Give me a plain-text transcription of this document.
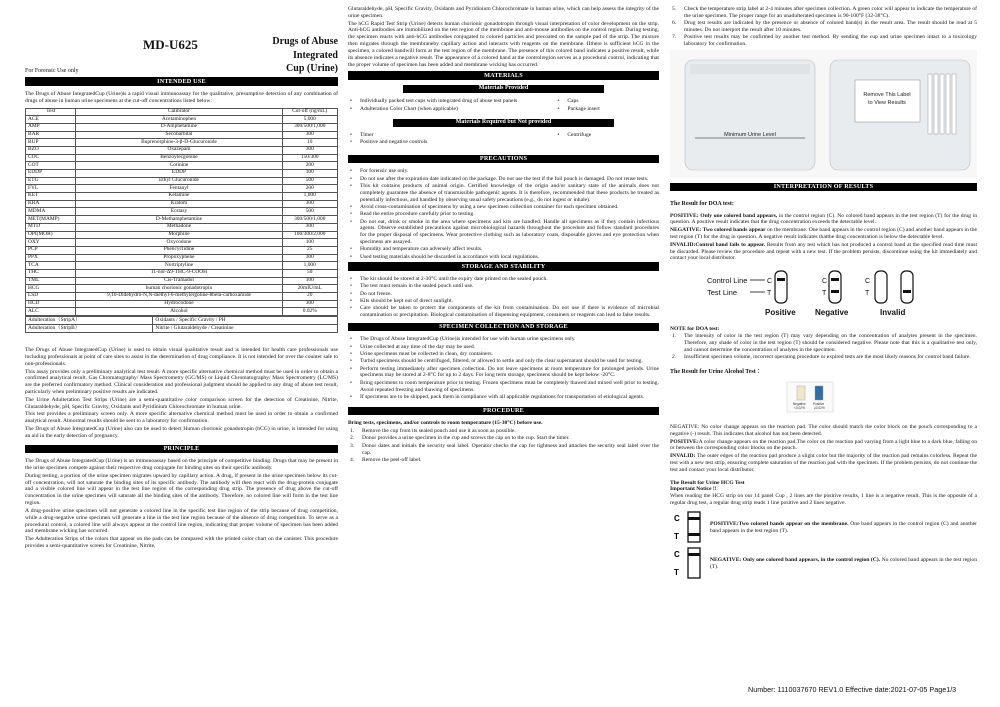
MD-U625	Drugs of Abuse Integrated
Cup (Urine)
For Forensic Use only
INTENDED USE

The Drugs of Abuse IntegratedCup (Urine)is a rapid visual immunoassay for the qualitative, presumptive detection of any combination of drugs of abuse in human urine specimens at the cut-off concentrations listed below:

Test	Calibrator	Cut-off (ng/mL)
ACE	Acetaminophen	5,000
AMP	D-Amphetamine	300/500/1,000
BAR	Secobarbital	300
BUP	Buprenorphine-3-β-D-Glucuronide	10
BZO	Oxazepam	300
COC	Benzoylecgonine	150/300
COT	Cotinine	200
EDDP	EDDP	100
ETG	Ethyl Glucuronide	500
FYL	Fentanyl	200
KET	Ketamine	1,000
KRA	Kratom	300
MDMA	Ecstasy	500
MET(MAMP)	D-Methamphetamine	300/500/1,000
MTD	Methadone	300
OPI(MOR)	Morphine	100/300/2,000
OXY	Oxycodone	100
PCP	Phencyclidine	25
PPX	Propoxyphene	300
TCA	Nortriptyline	1,000
THC	11-nor-Δ9-THC-9-COOH	50
TML	Cis-Tramadol	100
HCG	human chorionic gonadotropin	20mIU/mL
LSD	9,10-Didehydro-N,N-diethyl-6-methylergoline-8beta-carboxamide	20
HCD	Hydrocodone	300
ALC	Alcohol	0.02%
Adulteration（StripA）	Oxidants / Specific Gravity / PH
Adulteration（StripB）	Nitrite / Glutaraldehyde / Creatinine

The Drugs of Abuse IntegratedCup (Urine) is used to obtain visual qualitative result and is intended for health care professionals use including professionals at point of care sites to assist in the determination of drug compliance. It is not intended for over the counter sale to non-professionals.

This assay provides only a preliminary analytical test result. A more specific alternative chemical method must be used in order to obtain a confirmed analytical result. Gas Chromatography/ Mass Spectrometry (GC/MS) or Liquid Chromatography/ Mass Spectrometry (LC/MS) are the preferred confirmatory method. Clinical consideration and professional judgment should be applied to any drug of abuse test result, particularly when preliminary positive results are indicated.

The Urine Adulteration Test Strips (Urine) are a semi-quantitative color comparison screen for the detection of Creatinine, Nitrite, Glutaraldehyde, pH, Specific Gravity, Oxidants and Pyridinium Chlorochromate in human urine.

This test provides a preliminary screen only. A more specific alternative chemical method must be used in order to obtain a confirmed analytical result. Abnormal results should be sent to a laboratory for confirmation.

The Drugs of Abuse IntegratedCup (Urine) also can be used to detect Human chorionic gonadotropin (hCG) in urine, is intended for using an aid in the early detection of pregnancy.

PRINCIPLE

The Drugs of Abuse IntegratedCup (Urine) is an immunoassay based on the principle of competitive binding. Drugs that may be present in the urine specimen compete against their respective drug conjugate for binding sites on their specific antibody.

During testing, a portion of the urine specimen migrates upward by capillary action. A drug, if present in the urine specimen below its cut-off concentration, will not saturate the binding sites of its specific antibody. The antibody will then react with the drug-protein conjugate and a visible colored line will appear in the test line region of the corresponding drug strip. The presence of drug above the cut-off concentration in the urine specimen will saturate all the binding sites of the antibody. Therefore, no colored line will form in the test line region.

A drug-positive urine specimen will not generate a colored line in the specific test line region of the strip because of drug competition, while a drug-negative urine specimen will generate a line in the test line region because of the absence of drug competition. To serve as a procedural control, a colored line will always appear at the control line region, indicating that proper volume of specimen has been added and membrane wicking has occurred.

The Adulteration Strips of the colors that appear on the pads can be compared with the printed color chart on the canister. This procedure provides a semi-quantitative screen for Creatinine, Nitrite,

Glutaraldehyde, pH, Specific Gravity, Oxidants and Pyridinium Chlorochromate in human urine, which can help assess the integrity of the urine specimen.

The hCG Rapid Test Strip (Urine) detects human chorionic gonadotropin through visual interpretation of color development on the strip. Anti-hCG antibodies are immobilized on the test region of the membrane and anti-mouse antibodies on the control region. During testing, the specimen reacts with anti-hCG antibodies conjugated to colored particles and precoated on the sample pad of the strip. The mixture then migrates through the membraneby capillary action and interacts with reagents on the membrane. IIthere is sufficient hCG in the specimen, a colored bandwill form at the test region of the membrane. The presence of this colored band indicates a positive result, while its absence indicates a negative result. The appearance of a colored band at the controlregion serves as a procedural control, indicating that the proper volume of specimen has been added and membrane wicking has occurred.

MATERIALS
Materials Provided
• Individually packed test cups with integrated drug of abuse test panels
• Adulteration Color Chart (when applicable)
• Caps
• Package insert
Materials Required but Not provided
• Timer
• Positive and negative controls
• Centrifuge
PRECAUTIONS
• For forensic use only.
• Do not use after the expiration date indicated on the package. Do not use the test if the foil pouch is damaged. Do not reuse tests.
• This kit contains products of animal origin. Certified knowledge of the origin and/or sanitary state of the animals does not completely guarantee the absence of transmissible pathogenic agents. It is therefore, recommended that these products be treated as potentially infectious, and handled by observing usual safety precautions (e.g., do not ingest or inhale).
• Avoid cross-contamination of specimens by using a new specimen collection container for each specimen obtained.
• Read the entire procedure carefully prior to testing.
• Do not eat, drink or smoke in the area where specimens and kits are handled. Handle all specimens as if they contain infectious agents. Observe established precautions against microbiological hazards throughout the procedure and follow standard procedures for the proper disposal of specimens. Wear protective clothing such as laboratory coats, disposable gloves and eye protection when specimens are assayed.
• Humidity and temperature can adversely affect results.
• Used testing materials should be discarded in accordance with local regulations.
STORAGE AND STABILITY
• The kit should be stored at 2-30°C until the expiry date printed on the sealed pouch.
• The test must remain in the sealed pouch until use.
• Do not freeze.
• Kits should be kept out of direct sunlight.
• Care should be taken to protect the components of the kit from contamination. Do not use if there is evidence of microbial contamination or precipitation. Biological contamination of dispensing equipment, containers or reagents can lead to false results.
SPECIMEN COLLECTION AND STORAGE
• The Drugs of Abuse IntegratedCup (Urine)is intended for use with human urine specimens only.
• Urine collected at any time of the day may be used.
• Urine specimens must be collected in clean, dry containers.
• Turbid specimens should be centrifuged, filtered, or allowed to settle and only the clear supernatant should be used for testing.
• Perform testing immediately after specimen collection. Do not leave specimens at room temperature for prolonged periods. Urine specimens may be stored at 2-8°C for up to 2 days. For long term storage, specimens should be kept below -20°C.
• Bring specimens to room temperature prior to testing. Frozen specimens must be completely thawed and mixed well prior to testing. Avoid repeated freezing and thawing of specimens.
• If specimens are to be shipped, pack them in compliance with all applicable regulations for transportation of etiological agents.
PROCEDURE

Bring tests, specimens, and/or controls to room temperature (15-30°C) before use.

1. Remove the cup from its sealed pouch and use it as soon as possible.
2. Donor provides a urine specimen in the cup and screws the cap on to the cup. Start the timer.
3. Donor dates and initials the security seal label. Operator checks the cap for tightness and attaches the security seal label over the cap.
4. Remove the peel-off label.
5. Check the temperature strip label at 2-4 minutes after specimen collection. A green color will appear to indicate the temperature of the urine specimen. The proper range for an unadulterated specimen is 90-100°F (32-38°C).
6. Drug test results are indicated by the presence or absence of colored band(s) in the result area. The result should be read at 5 minutes. Do not interpret the result after 10 minutes.
7. Positive test results may be confirmed by another test method. By sending the cup and urine specimen intact to a toxicology laboratory for confirmation.
Minimum Urine Level
Remove This Label
to View Results
INTERPRETATION OF RESULTS
The Result for DOA test:

POSITIVE: Only one colored band appears, in the control region (C). No colored band appears in the test region (T) for the drug in question. A positive result indicates that the drug concentration exceeds the detectable level.

NEGATIVE: Two colored bands appear on the membrane. One band appears in the control region (C) and another band appears in the test region (T) for the drug in question. A negative result indicates thatthe drug concentration is below the detectable level.

INVALID:Control band fails to appear. Results from any test which has not produced a control band at the specified read time must be discarded. Please review the procedure and repeat with a new test. If the problem persists, discontinue using the kit immediately and contact your local distributor.

Control Line
Test Line
C
T
C
T
C
T
Positive Negative	Invalid
NOTE for DOA test:
1. The intensity of color in the test region (T) may vary depending on the concentration of analytes present in the specimen. Therefore, any shade of color in the test region (T) should be considered negative. Please note that this is a qualitative test only, and cannot determine the concentration of analytes in the specimen.
2. Insufficient specimen volume, incorrect operating procedure or expired tests are the most likely reasons for control band failure.
The Result for Urine Alcohol Test ：
Negative
<0.02%
Positive
≥0.02%

NEGATIVE: No color change appears on the reaction pad. The color should match the color block on the pouch corresponding to a negative (-) result. This indicates that alcohol has not been detected.

POSITIVE:A color change appears on the reaction pad.The color on the reaction pad varying from a light blue to a dark blue, falling on or between the corresponding color blocks on the pouch.

INVALID: The outer edges of the reaction pad produce a slight color but the majority of the reaction pad remains colorless. Repeat the test with a new test strip, ensuring complete saturation of the reaction pad with the specimen. If the problem persists, do not continue the test and contact your local distributor.

The Result for Urine HCG Test
Important Notice !!

When reading the HCG strip on our 14 panel Cup , 2 lines are the positive results, 1 line is a negative result. This is the opposite of a regular drug test, a regular drug strip reads 1 line positive and 2 lines negative.

C
T

POSITIVE:Two colored bands appear on the membrane. One band appears in the control region (C) and another band appears in the test region (T).

C
T

NEGATIVE: Only one colored band appears, in the control region (C). No colored band appears in the test region (T).

Number: 1110037670 REV1.0 Effective date:2021-07-05 Page1/3
